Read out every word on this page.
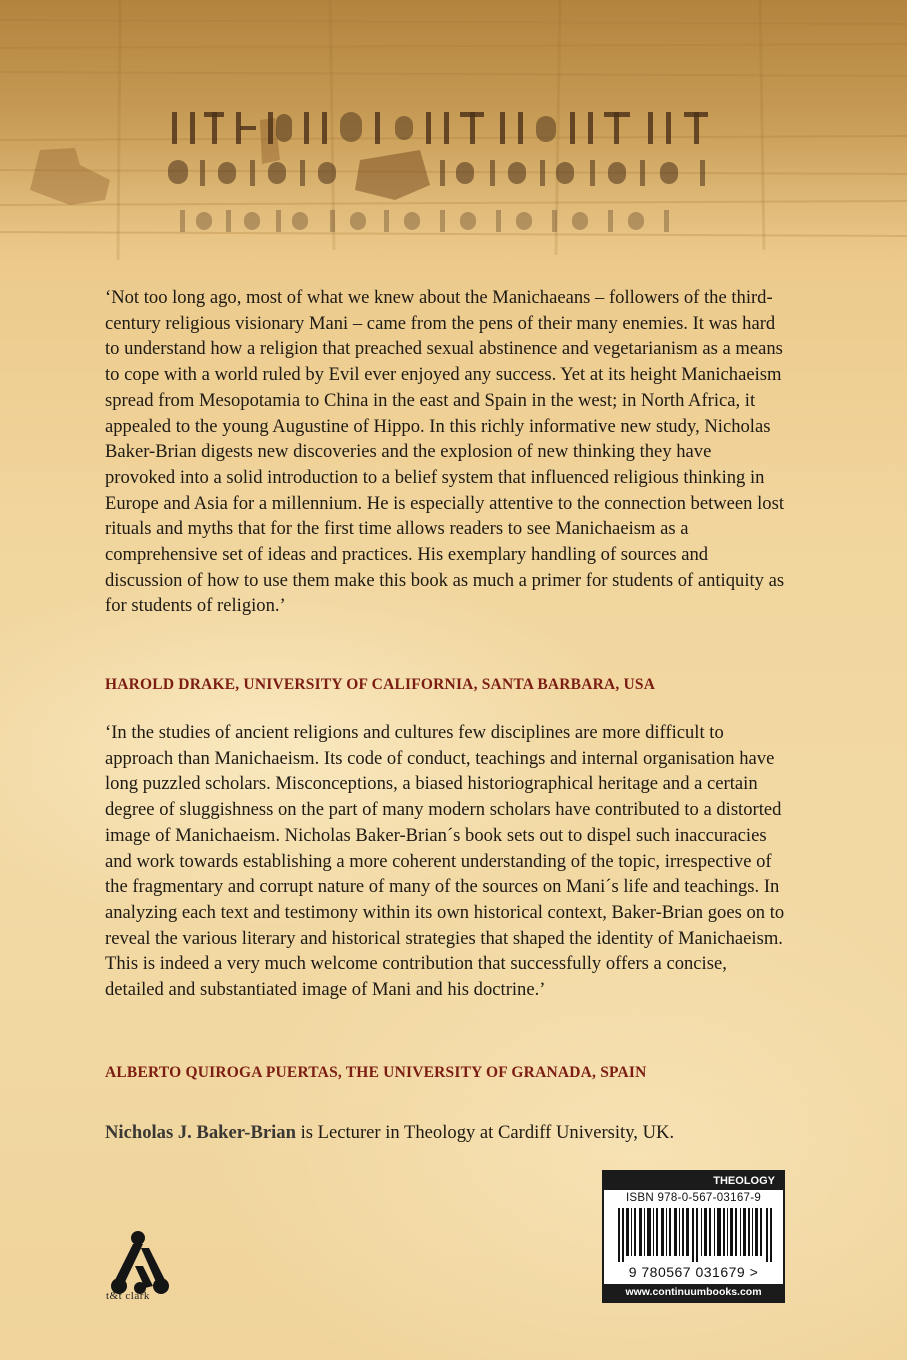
‘Not too long ago, most of what we knew about the Manichaeans – followers of the third-century religious visionary Mani – came from the pens of their many enemies. It was hard to understand how a religion that preached sexual abstinence and vegetarianism as a means to cope with a world ruled by Evil ever enjoyed any success. Yet at its height Manichaeism spread from Mesopotamia to China in the east and Spain in the west; in North Africa, it appealed to the young Augustine of Hippo. In this richly informative new study, Nicholas Baker-Brian digests new discoveries and the explosion of new thinking they have provoked into a solid introduction to a belief system that influenced religious thinking in Europe and Asia for a millennium. He is especially attentive to the connection between lost rituals and myths that for the first time allows readers to see Manichaeism as a comprehensive set of ideas and practices. His exemplary handling of sources and discussion of how to use them make this book as much a primer for students of antiquity as for students of religion.’

HAROLD DRAKE, UNIVERSITY OF CALIFORNIA, SANTA BARBARA, USA

‘In the studies of ancient religions and cultures few disciplines are more difficult to approach than Manichaeism. Its code of conduct, teachings and internal organisation have long puzzled scholars. Misconceptions, a biased historiographical heritage and a certain degree of sluggishness on the part of many modern scholars have contributed to a distorted image of Manichaeism. Nicholas Baker-Brian´s book sets out to dispel such inaccuracies and work towards establishing a more coherent understanding of the topic, irrespective of the fragmentary and corrupt nature of many of the sources on Mani´s life and teachings. In analyzing each text and testimony within its own historical context, Baker-Brian goes on to reveal the various literary and historical strategies that shaped the identity of Manichaeism. This is indeed a very much welcome contribution that successfully offers a concise, detailed and substantiated image of Mani and his doctrine.’

ALBERTO QUIROGA PUERTAS, THE UNIVERSITY OF GRANADA, SPAIN
Nicholas J. Baker-Brian is Lecturer in Theology at Cardiff University, UK.
t&t clark
THEOLOGY
ISBN 978-0-567-03167-9
9 780567 031679 >
www.continuumbooks.com
